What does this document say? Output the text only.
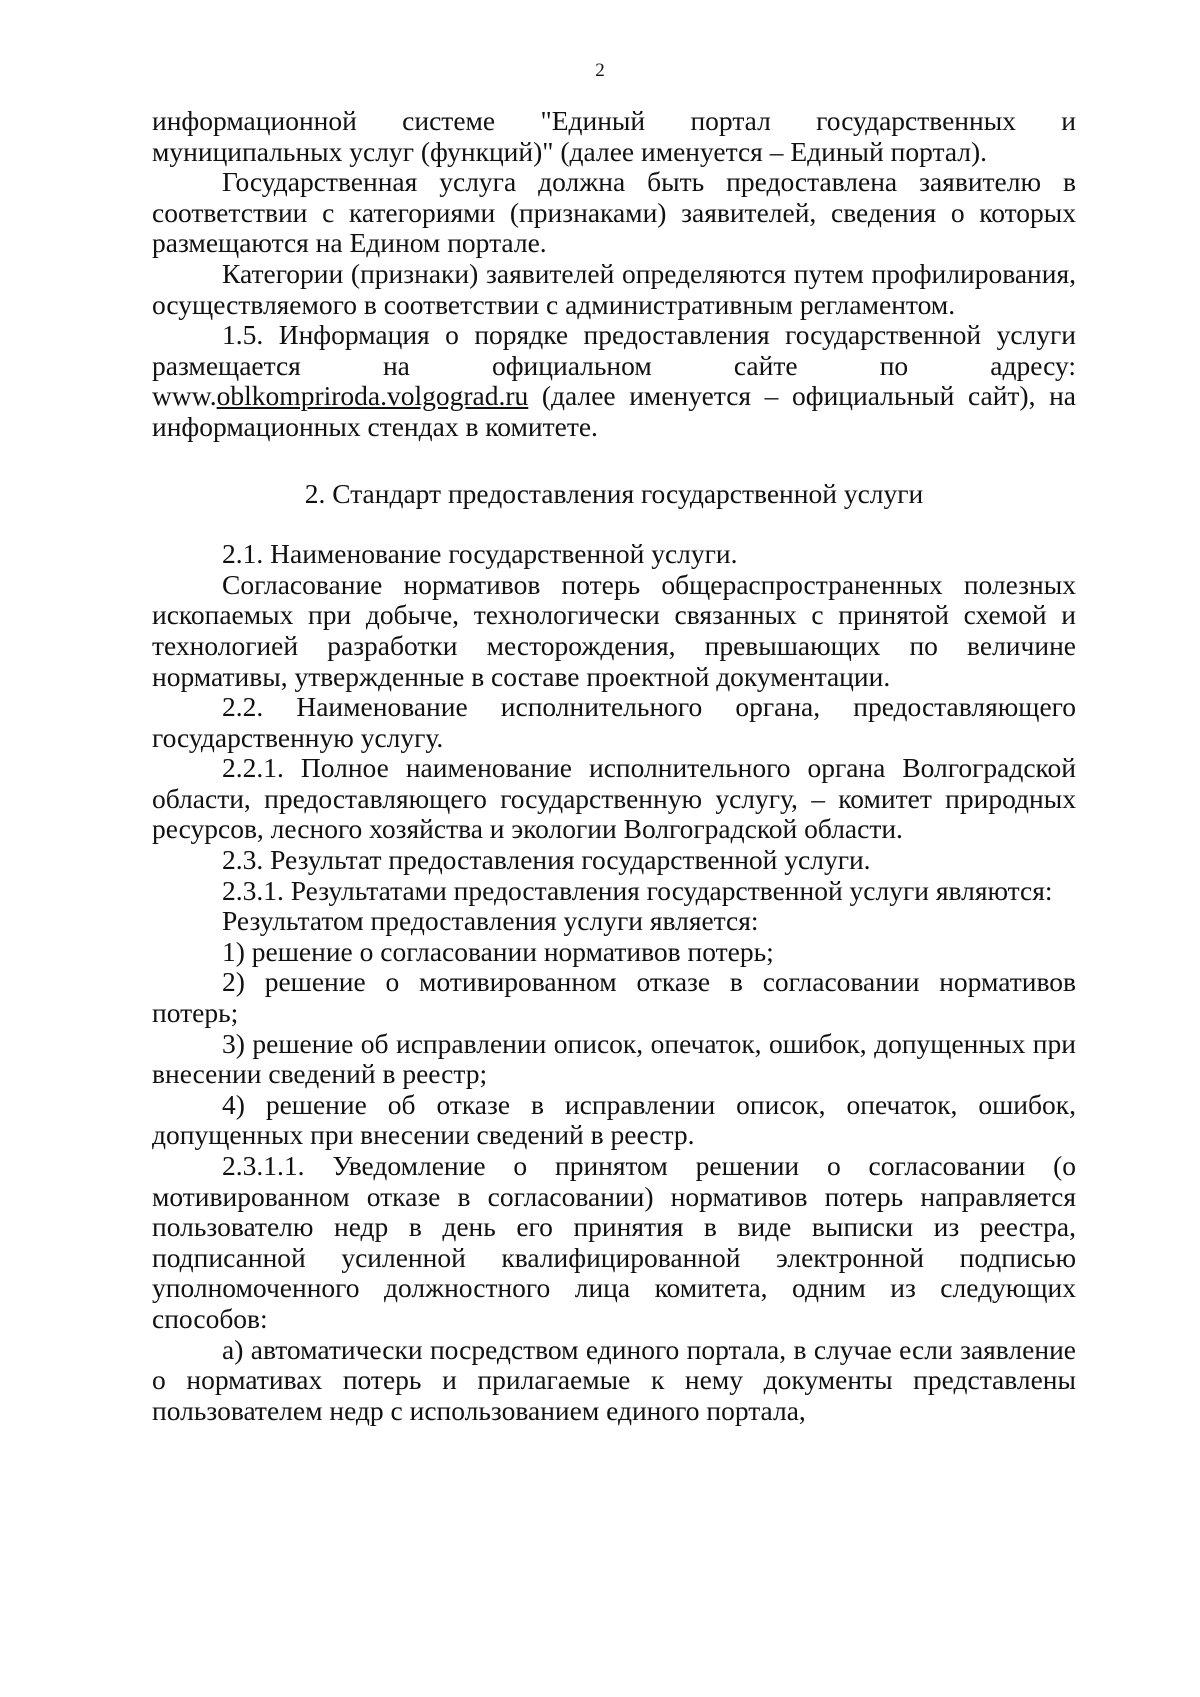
2

информационной системе "Единый портал государственных и муниципальных услуг (функций)" (далее именуется – Единый портал).

Государственная услуга должна быть предоставлена заявителю в соответствии с категориями (признаками) заявителей, сведения о которых размещаются на Едином портале.

Категории (признаки) заявителей определяются путем профилирования, осуществляемого в соответствии с административным регламентом.

1.5. Информация о порядке предоставления государственной услуги размещается на официальном сайте по адресу: www.oblkompriroda.volgograd.ru (далее именуется – официальный сайт), на информационных стендах в комитете.

2. Стандарт предоставления государственной услуги

2.1. Наименование государственной услуги.

Согласование нормативов потерь общераспространенных полезных ископаемых при добыче, технологически связанных с принятой схемой и технологией разработки месторождения, превышающих по величине нормативы, утвержденные в составе проектной документации.

2.2. Наименование исполнительного органа, предоставляющего государственную услугу.

2.2.1. Полное наименование исполнительного органа Волгоградской области, предоставляющего государственную услугу, – комитет природных ресурсов, лесного хозяйства и экологии Волгоградской области.

2.3. Результат предоставления государственной услуги.

2.3.1. Результатами предоставления государственной услуги являются:

Результатом предоставления услуги является:

1) решение о согласовании нормативов потерь;

2) решение о мотивированном отказе в согласовании нормативов потерь;

3) решение об исправлении описок, опечаток, ошибок, допущенных при внесении сведений в реестр;

4) решение об отказе в исправлении описок, опечаток, ошибок, допущенных при внесении сведений в реестр.

2.3.1.1. Уведомление о принятом решении о согласовании (о мотивированном отказе в согласовании) нормативов потерь направляется пользователю недр в день его принятия в виде выписки из реестра, подписанной усиленной квалифицированной электронной подписью уполномоченного должностного лица комитета, одним из следующих способов:

а) автоматически посредством единого портала, в случае если заявление о нормативах потерь и прилагаемые к нему документы представлены пользователем недр с использованием единого портала,
